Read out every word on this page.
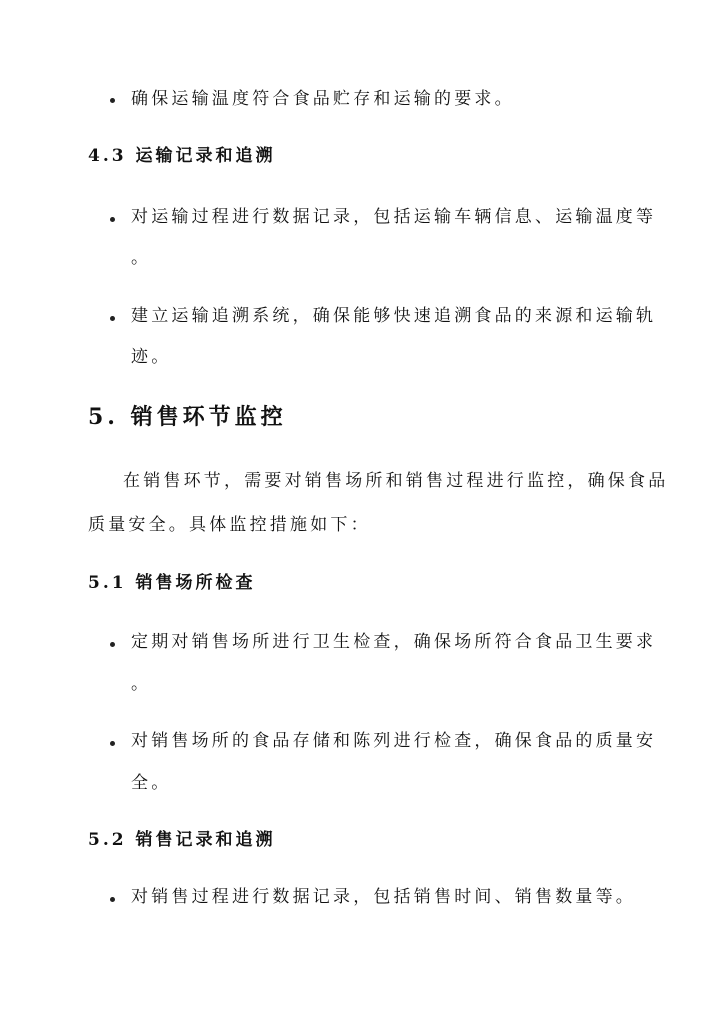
确保运输温度符合食品贮存和运输的要求。
4.3 运输记录和追溯
对运输过程进行数据记录，包括运输车辆信息、运输温度等
。
建立运输追溯系统，确保能够快速追溯食品的来源和运输轨
迹。
5. 销售环节监控
在销售环节，需要对销售场所和销售过程进行监控，确保食品
质量安全。具体监控措施如下：
5.1 销售场所检查
定期对销售场所进行卫生检查，确保场所符合食品卫生要求
。
对销售场所的食品存储和陈列进行检查，确保食品的质量安
全。
5.2 销售记录和追溯
对销售过程进行数据记录，包括销售时间、销售数量等。
